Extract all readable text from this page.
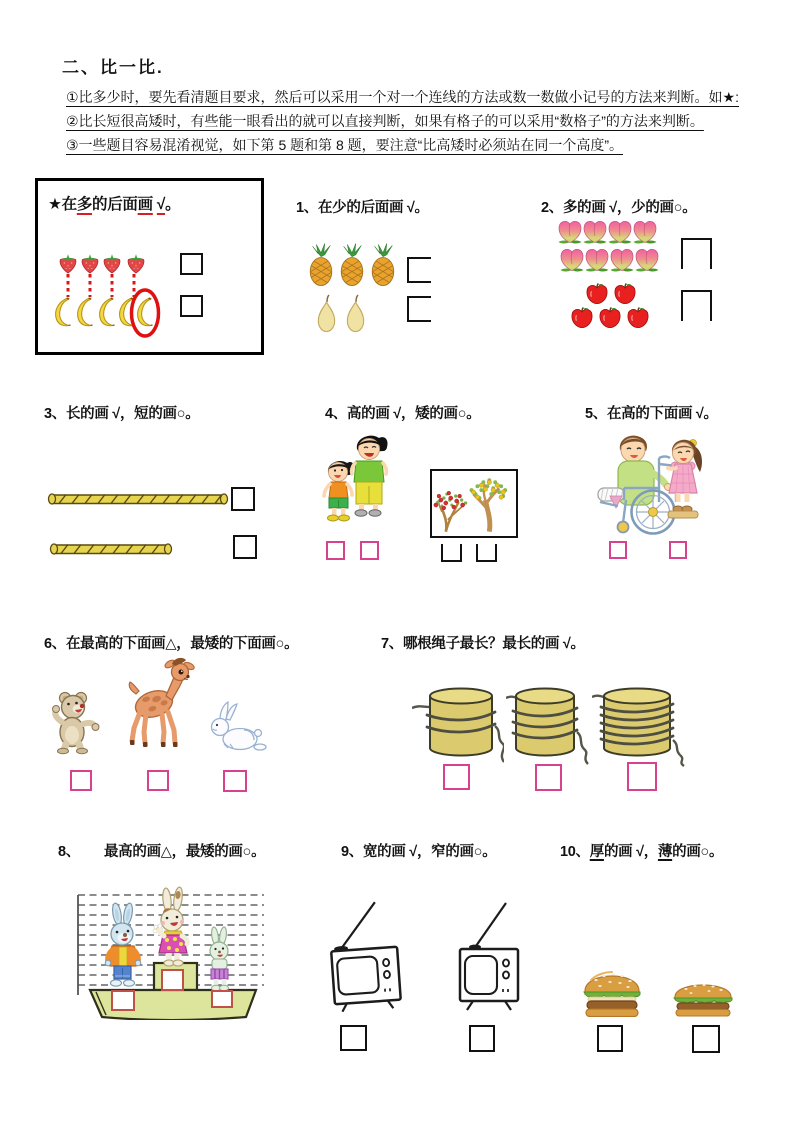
二、比一比.
①比多少时，要先看清题目要求，然后可以采用一个对一个连线的方法或数一数做小记号的方法来判断。如★:
②比长短很高矮时，有些能一眼看出的就可以直接判断，如果有格子的可以采用“数格子”的方法来判断。
③一些题目容易混淆视觉，如下第 5 题和第 8 题，要注意“比高矮时必须站在同一个高度”。
★在多的后面画 √。	1、在少的后面画 √。	2、多的画 √，少的画○。
3、长的画 √，短的画○。	4、高的画 √，矮的画○。	5、在高的下面画 √。
6、在最高的下面画△，最矮的下面画○。	7、哪根绳子最长？最长的画 √。
8、 最高的画△，最矮的画○。	9、宽的画 √，窄的画○。	10、厚的画 √，薄的画○。
